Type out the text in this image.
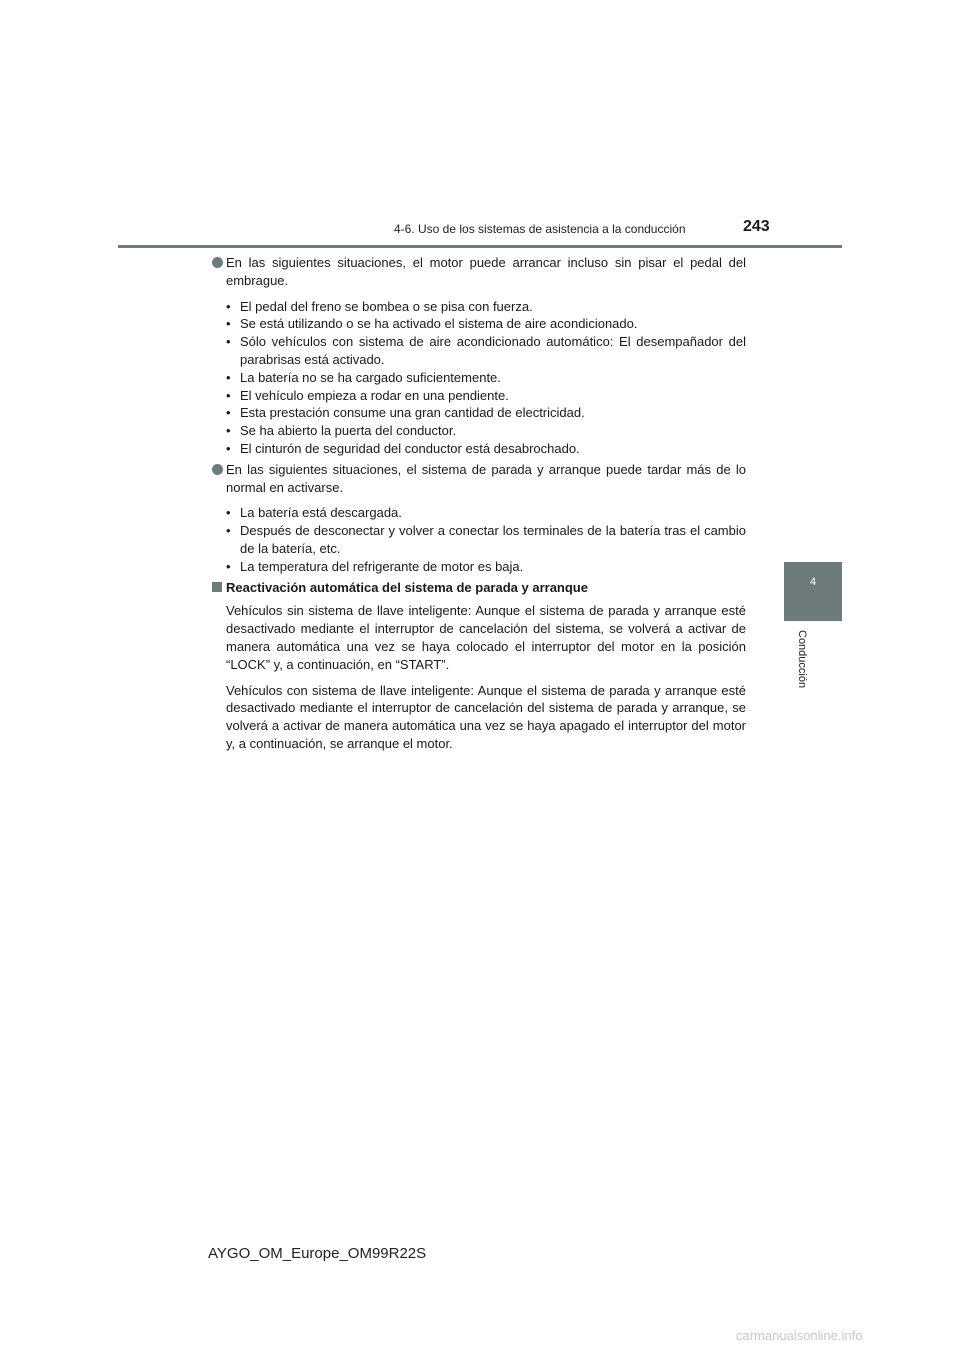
4-6. Uso de los sistemas de asistencia a la conducción	243
4
Conducción
En las siguientes situaciones, el motor puede arrancar incluso sin pisar el pedal del embrague.
• El pedal del freno se bombea o se pisa con fuerza.
• Se está utilizando o se ha activado el sistema de aire acondicionado.
• Sólo vehículos con sistema de aire acondicionado automático: El desempañador del parabrisas está activado.
• La batería no se ha cargado suficientemente.
• El vehículo empieza a rodar en una pendiente.
• Esta prestación consume una gran cantidad de electricidad.
• Se ha abierto la puerta del conductor.
• El cinturón de seguridad del conductor está desabrochado.
En las siguientes situaciones, el sistema de parada y arranque puede tardar más de lo normal en activarse.
• La batería está descargada.
• Después de desconectar y volver a conectar los terminales de la batería tras el cambio de la batería, etc.
• La temperatura del refrigerante de motor es baja.
Reactivación automática del sistema de parada y arranque

Vehículos sin sistema de llave inteligente: Aunque el sistema de parada y arranque esté desactivado mediante el interruptor de cancelación del sistema, se volverá a activar de manera automática una vez se haya colocado el interruptor del motor en la posición “LOCK” y, a continuación, en “START”.

Vehículos con sistema de llave inteligente: Aunque el sistema de parada y arranque esté desactivado mediante el interruptor de cancelación del sistema de parada y arranque, se volverá a activar de manera automática una vez se haya apagado el interruptor del motor y, a continuación, se arranque el motor.

AYGO_OM_Europe_OM99R22S
carmanualsonline.info
